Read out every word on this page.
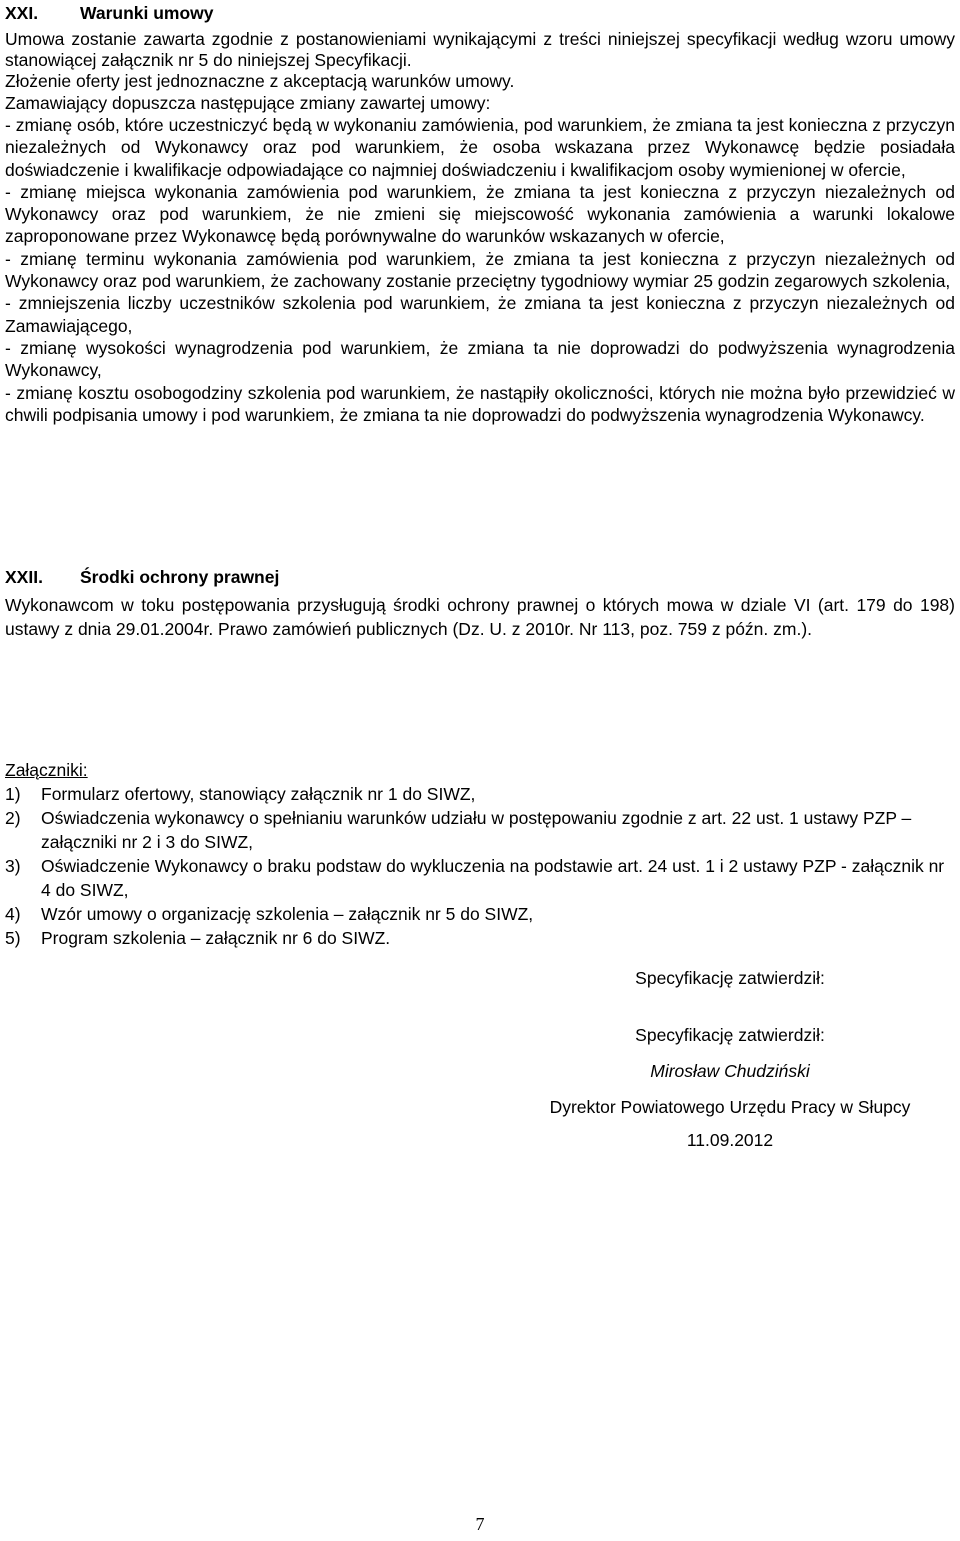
XXI.	Warunki umowy

Umowa zostanie zawarta zgodnie z postanowieniami wynikającymi z treści niniejszej specyfikacji według wzoru umowy stanowiącej załącznik nr 5 do niniejszej Specyfikacji.

Złożenie oferty jest jednoznaczne z akceptacją warunków umowy.

Zamawiający dopuszcza następujące zmiany zawartej umowy:

- zmianę osób, które uczestniczyć będą w wykonaniu zamówienia, pod warunkiem, że zmiana ta jest konieczna z przyczyn niezależnych od Wykonawcy oraz pod warunkiem, że osoba wskazana przez Wykonawcę będzie posiadała doświadczenie i kwalifikacje odpowiadające co najmniej doświadczeniu i kwalifikacjom osoby wymienionej w ofercie,

- zmianę miejsca wykonania zamówienia pod warunkiem, że zmiana ta jest konieczna z przyczyn niezależnych od Wykonawcy oraz pod warunkiem, że nie zmieni się miejscowość wykonania zamówienia a warunki lokalowe zaproponowane przez Wykonawcę będą porównywalne do warunków wskazanych w ofercie,

- zmianę terminu wykonania zamówienia pod warunkiem, że zmiana ta jest konieczna z przyczyn niezależnych od Wykonawcy oraz pod warunkiem, że zachowany zostanie przeciętny tygodniowy wymiar 25 godzin zegarowych szkolenia,

- zmniejszenia liczby uczestników szkolenia pod warunkiem, że zmiana ta jest konieczna z przyczyn niezależnych od Zamawiającego,

- zmianę wysokości wynagrodzenia pod warunkiem, że zmiana ta nie doprowadzi do podwyższenia wynagrodzenia Wykonawcy,

- zmianę kosztu osobogodziny szkolenia pod warunkiem, że nastąpiły okoliczności, których nie można było przewidzieć w chwili podpisania umowy i pod warunkiem, że zmiana ta nie doprowadzi do podwyższenia wynagrodzenia Wykonawcy.

XXII.	Środki ochrony prawnej

Wykonawcom w toku postępowania przysługują środki ochrony prawnej o których mowa w dziale VI (art. 179 do 198) ustawy z dnia 29.01.2004r. Prawo zamówień publicznych (Dz. U. z 2010r. Nr 113, poz. 759 z późn. zm.).

Załączniki:
1)	Formularz ofertowy, stanowiący załącznik nr 1 do SIWZ,
2)	Oświadczenia wykonawcy o spełnianiu warunków udziału w postępowaniu zgodnie z art. 22 ust. 1 ustawy PZP – załączniki nr 2 i 3 do SIWZ,
3)	Oświadczenie Wykonawcy o braku podstaw do wykluczenia na podstawie art. 24 ust. 1 i 2 ustawy PZP - załącznik nr 4 do SIWZ,
4)	Wzór umowy o organizację szkolenia – załącznik nr 5 do SIWZ,
5)	Program szkolenia – załącznik nr 6 do SIWZ.
Specyfikację zatwierdził:
Specyfikację zatwierdził:
Mirosław Chudziński
Dyrektor Powiatowego Urzędu Pracy w Słupcy
11.09.2012
7
